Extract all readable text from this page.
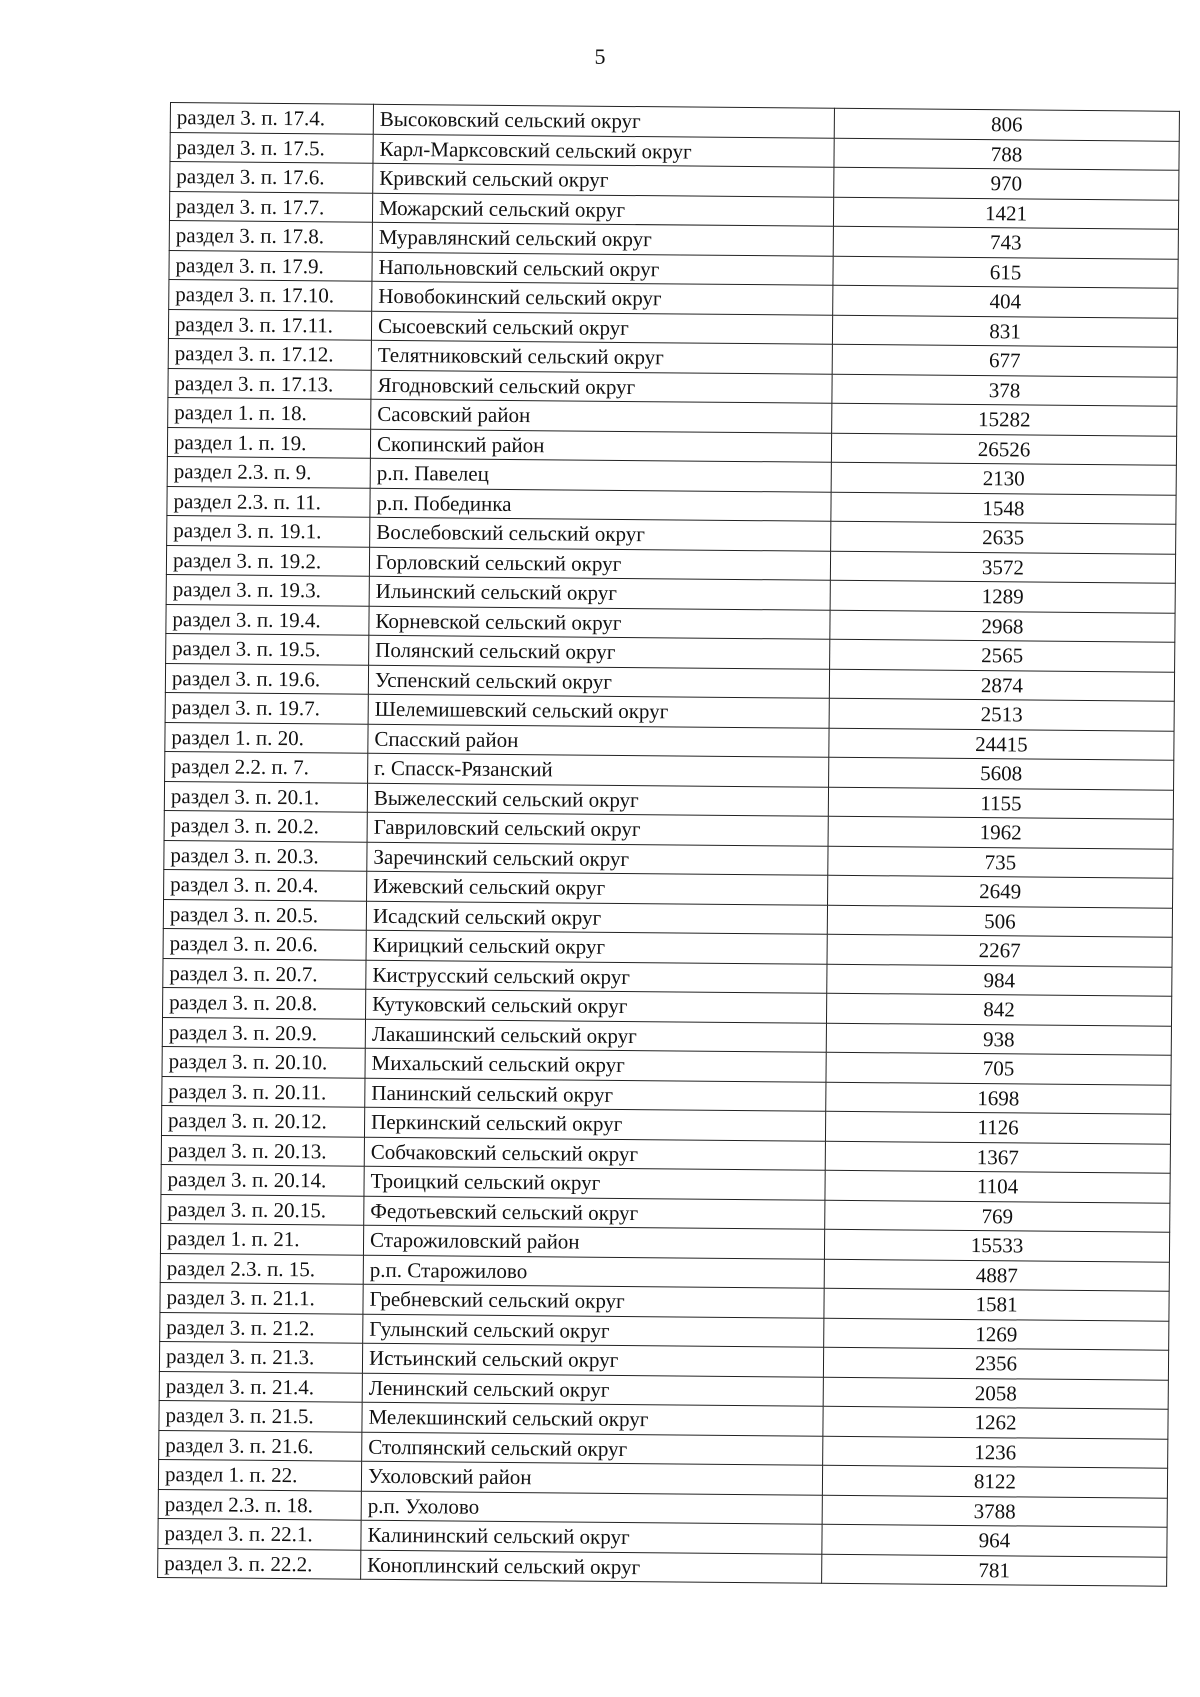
5
раздел 3. п. 17.4.	Высоковский сельский округ	806
раздел 3. п. 17.5.	Карл-Марксовский сельский округ	788
раздел 3. п. 17.6.	Кривский сельский округ	970
раздел 3. п. 17.7.	Можарский сельский округ	1421
раздел 3. п. 17.8.	Муравлянский сельский округ	743
раздел 3. п. 17.9.	Напольновский сельский округ	615
раздел 3. п. 17.10.	Новобокинский сельский округ	404
раздел 3. п. 17.11.	Сысоевский сельский округ	831
раздел 3. п. 17.12.	Телятниковский сельский округ	677
раздел 3. п. 17.13.	Ягодновский сельский округ	378
раздел 1. п. 18.	Сасовский район	15282
раздел 1. п. 19.	Скопинский район	26526
раздел 2.3. п. 9.	р.п. Павелец	2130
раздел 2.3. п. 11.	р.п. Побединка	1548
раздел 3. п. 19.1.	Вослебовский сельский округ	2635
раздел 3. п. 19.2.	Горловский сельский округ	3572
раздел 3. п. 19.3.	Ильинский сельский округ	1289
раздел 3. п. 19.4.	Корневской сельский округ	2968
раздел 3. п. 19.5.	Полянский сельский округ	2565
раздел 3. п. 19.6.	Успенский сельский округ	2874
раздел 3. п. 19.7.	Шелемишевский сельский округ	2513
раздел 1. п. 20.	Спасский район	24415
раздел 2.2. п. 7.	г. Спасск-Рязанский	5608
раздел 3. п. 20.1.	Выжелесский сельский округ	1155
раздел 3. п. 20.2.	Гавриловский сельский округ	1962
раздел 3. п. 20.3.	Заречинский сельский округ	735
раздел 3. п. 20.4.	Ижевский сельский округ	2649
раздел 3. п. 20.5.	Исадский сельский округ	506
раздел 3. п. 20.6.	Кирицкий сельский округ	2267
раздел 3. п. 20.7.	Киструсский сельский округ	984
раздел 3. п. 20.8.	Кутуковский сельский округ	842
раздел 3. п. 20.9.	Лакашинский сельский округ	938
раздел 3. п. 20.10.	Михальский сельский округ	705
раздел 3. п. 20.11.	Панинский сельский округ	1698
раздел 3. п. 20.12.	Перкинский сельский округ	1126
раздел 3. п. 20.13.	Собчаковский сельский округ	1367
раздел 3. п. 20.14.	Троицкий сельский округ	1104
раздел 3. п. 20.15.	Федотьевский сельский округ	769
раздел 1. п. 21.	Старожиловский район	15533
раздел 2.3. п. 15.	р.п. Старожилово	4887
раздел 3. п. 21.1.	Гребневский сельский округ	1581
раздел 3. п. 21.2.	Гулынский сельский округ	1269
раздел 3. п. 21.3.	Истьинский сельский округ	2356
раздел 3. п. 21.4.	Ленинский сельский округ	2058
раздел 3. п. 21.5.	Мелекшинский сельский округ	1262
раздел 3. п. 21.6.	Столпянский сельский округ	1236
раздел 1. п. 22.	Ухоловский район	8122
раздел 2.3. п. 18.	р.п. Ухолово	3788
раздел 3. п. 22.1.	Калининский сельский округ	964
раздел 3. п. 22.2.	Коноплинский сельский округ	781
